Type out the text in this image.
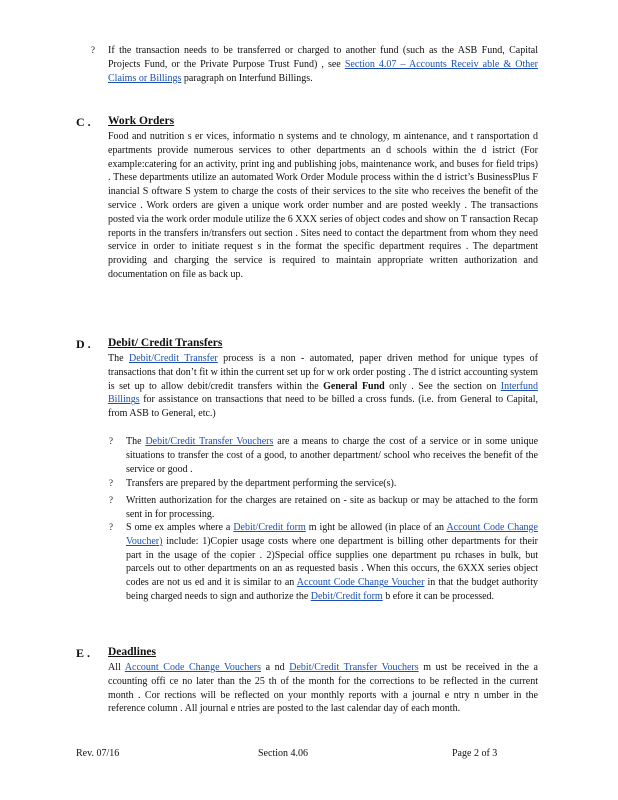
? If the transaction needs to be transferred or charged to another fund (such as the ASB Fund, Capital Projects Fund, or the Private Purpose Trust Fund) , see Section 4.07 – Accounts Receiv able & Other Claims or Billings paragraph on Interfund Billings.

C . Work Orders

Food and nutrition s er vices, informatio n systems and te chnology, m aintenance, and t ransportation d epartments provide numerous services to other departments an d schools within the d istrict (For example:catering for an activity, print ing and publishing jobs, maintenance work, and buses for field trips) . These departments utilize an automated Work Order Module process within the d istrict’s BusinessPlus F inancial S oftware S ystem to charge the costs of their services to the site who receives the benefit of the service . Work orders are given a unique work order number and are posted weekly . The transactions posted via the work order module utilize the 6 XXX series of object codes and show on T ransaction Recap reports in the transfers in/transfers out section . Sites need to contact the department from whom they need service in order to initiate request s in the format the specific department requires . The department providing and charging the service is required to maintain appropriate written authorization and documentation on file as back up.

D . Debit/ Credit Transfers

The Debit/Credit Transfer process is a non - automated, paper driven method for unique types of transactions that don’t fit w ithin the current set up for w ork order posting . The d istrict accounting system is set up to allow debit/credit transfers within the General Fund only . See the section on Interfund Billings for assistance on transactions that need to be billed a cross funds. (i.e. from General to Capital, from ASB to General, etc.)

? The Debit/Credit Transfer Vouchers are a means to charge the cost of a service or in some unique situations to transfer the cost of a good, to another department/ school who receives the benefit of the service or good .

? Transfers are prepared by the department performing the service(s).

? Written authorization for the charges are retained on - site as backup or may be attached to the form sent in for processing.

? S ome ex amples where a Debit/Credit form m ight be allowed (in place of an Account Code Change Voucher) include: 1)Copier usage costs where one department is billing other departments for their part in the usage of the copier . 2)Special office supplies one department pu rchases in bulk, but parcels out to other departments on an as requested basis . When this occurs, the 6XXX series object codes are not us ed and it is similar to an Account Code Change Voucher in that the budget authority being charged needs to sign and authorize the Debit/Credit form b efore it can be processed.

E . Deadlines

All Account Code Change Vouchers a nd Debit/Credit Transfer Vouchers m ust be received in the a ccounting offi ce no later than the 25 th of the month for the corrections to be reflected in the current month . Cor rections will be reflected on your monthly reports with a journal e ntry n umber in the reference column . All journal e ntries are posted to the last calendar day of each month.

Rev. 07/16	Section 4.06	Page 2 of 3
